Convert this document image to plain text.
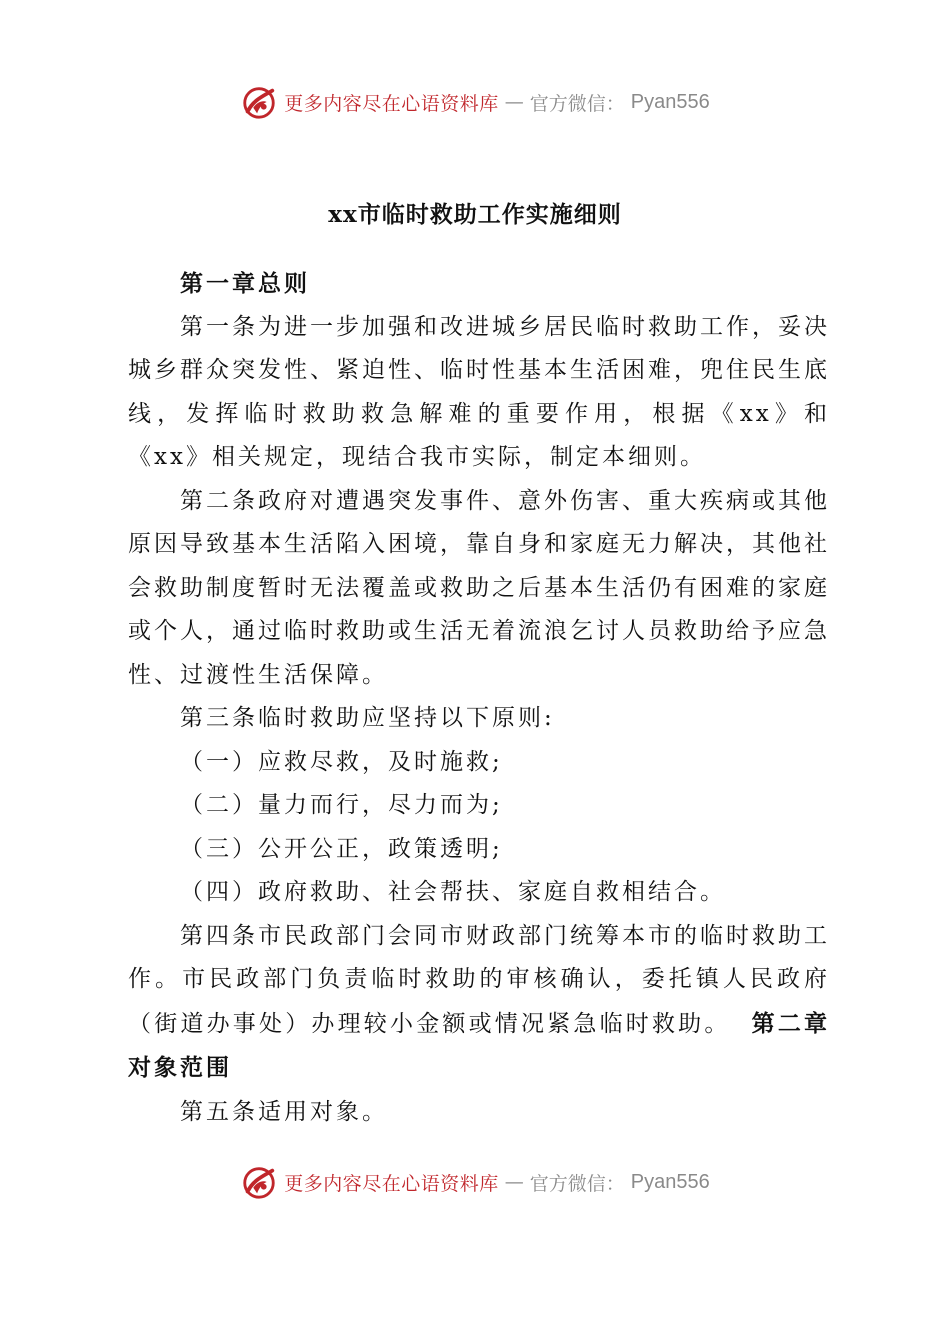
更多内容尽在心语资料库 — 官方微信： Pyan556
xx市临时救助工作实施细则

第一章总则

第一条为进一步加强和改进城乡居民临时救助工作，妥决城乡群众突发性、紧迫性、临时性基本生活困难，兜住民生底线，发挥临时救助救急解难的重要作用，根据《xx》和《xx》相关规定，现结合我市实际，制定本细则。

第二条政府对遭遇突发事件、意外伤害、重大疾病或其他原因导致基本生活陷入困境，靠自身和家庭无力解决，其他社会救助制度暂时无法覆盖或救助之后基本生活仍有困难的家庭或个人，通过临时救助或生活无着流浪乞讨人员救助给予应急性、过渡性生活保障。

第三条临时救助应坚持以下原则:

（一）应救尽救，及时施救;

（二）量力而行，尽力而为;

（三）公开公正，政策透明;

（四）政府救助、社会帮扶、家庭自救相结合。

第四条市民政部门会同市财政部门统筹本市的临时救助工作。市民政部门负责临时救助的审核确认，委托镇人民政府（街道办事处）办理较小金额或情况紧急临时救助。 第二章对象范围

第五条适用对象。

更多内容尽在心语资料库 — 官方微信： Pyan556
